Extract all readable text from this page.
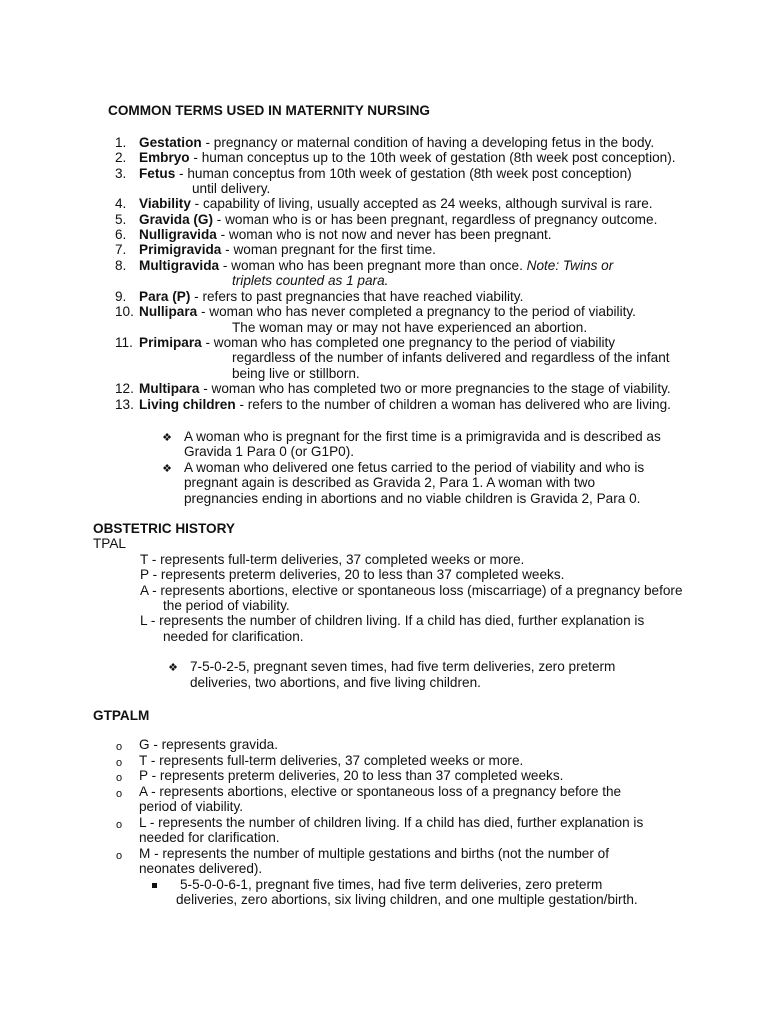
COMMON TERMS USED IN MATERNITY NURSING
1. Gestation - pregnancy or maternal condition of having a developing fetus in the body.
2. Embryo - human conceptus up to the 10th week of gestation (8th week post conception).
3. Fetus - human conceptus from 10th week of gestation (8th week post conception)
until delivery.
4. Viability - capability of living, usually accepted as 24 weeks, although survival is rare.
5. Gravida (G) - woman who is or has been pregnant, regardless of pregnancy outcome.
6. Nulligravida - woman who is not now and never has been pregnant.
7. Primigravida - woman pregnant for the first time.
8. Multigravida - woman who has been pregnant more than once. Note: Twins or
triplets counted as 1 para.
9. Para (P) - refers to past pregnancies that have reached viability.
10. Nullipara - woman who has never completed a pregnancy to the period of viability.
The woman may or may not have experienced an abortion.
11. Primipara - woman who has completed one pregnancy to the period of viability
regardless of the number of infants delivered and regardless of the infant
being live or stillborn.
12. Multipara - woman who has completed two or more pregnancies to the stage of viability.
13. Living children - refers to the number of children a woman has delivered who are living.
❖ A woman who is pregnant for the first time is a primigravida and is described as
Gravida 1 Para 0 (or G1P0).
❖ A woman who delivered one fetus carried to the period of viability and who is
pregnant again is described as Gravida 2, Para 1. A woman with two
pregnancies ending in abortions and no viable children is Gravida 2, Para 0.
OBSTETRIC HISTORY
TPAL
T - represents full-term deliveries, 37 completed weeks or more.
P - represents preterm deliveries, 20 to less than 37 completed weeks.
A - represents abortions, elective or spontaneous loss (miscarriage) of a pregnancy before
the period of viability.
L - represents the number of children living. If a child has died, further explanation is
needed for clarification.
❖ 7-5-0-2-5, pregnant seven times, had five term deliveries, zero preterm
deliveries, two abortions, and five living children.
GTPALM
o G - represents gravida.
o T - represents full-term deliveries, 37 completed weeks or more.
o P - represents preterm deliveries, 20 to less than 37 completed weeks.
o A - represents abortions, elective or spontaneous loss of a pregnancy before the
period of viability.
o L - represents the number of children living. If a child has died, further explanation is
needed for clarification.
o M - represents the number of multiple gestations and births (not the number of
neonates delivered).
5-5-0-0-6-1, pregnant five times, had five term deliveries, zero preterm
deliveries, zero abortions, six living children, and one multiple gestation/birth.
